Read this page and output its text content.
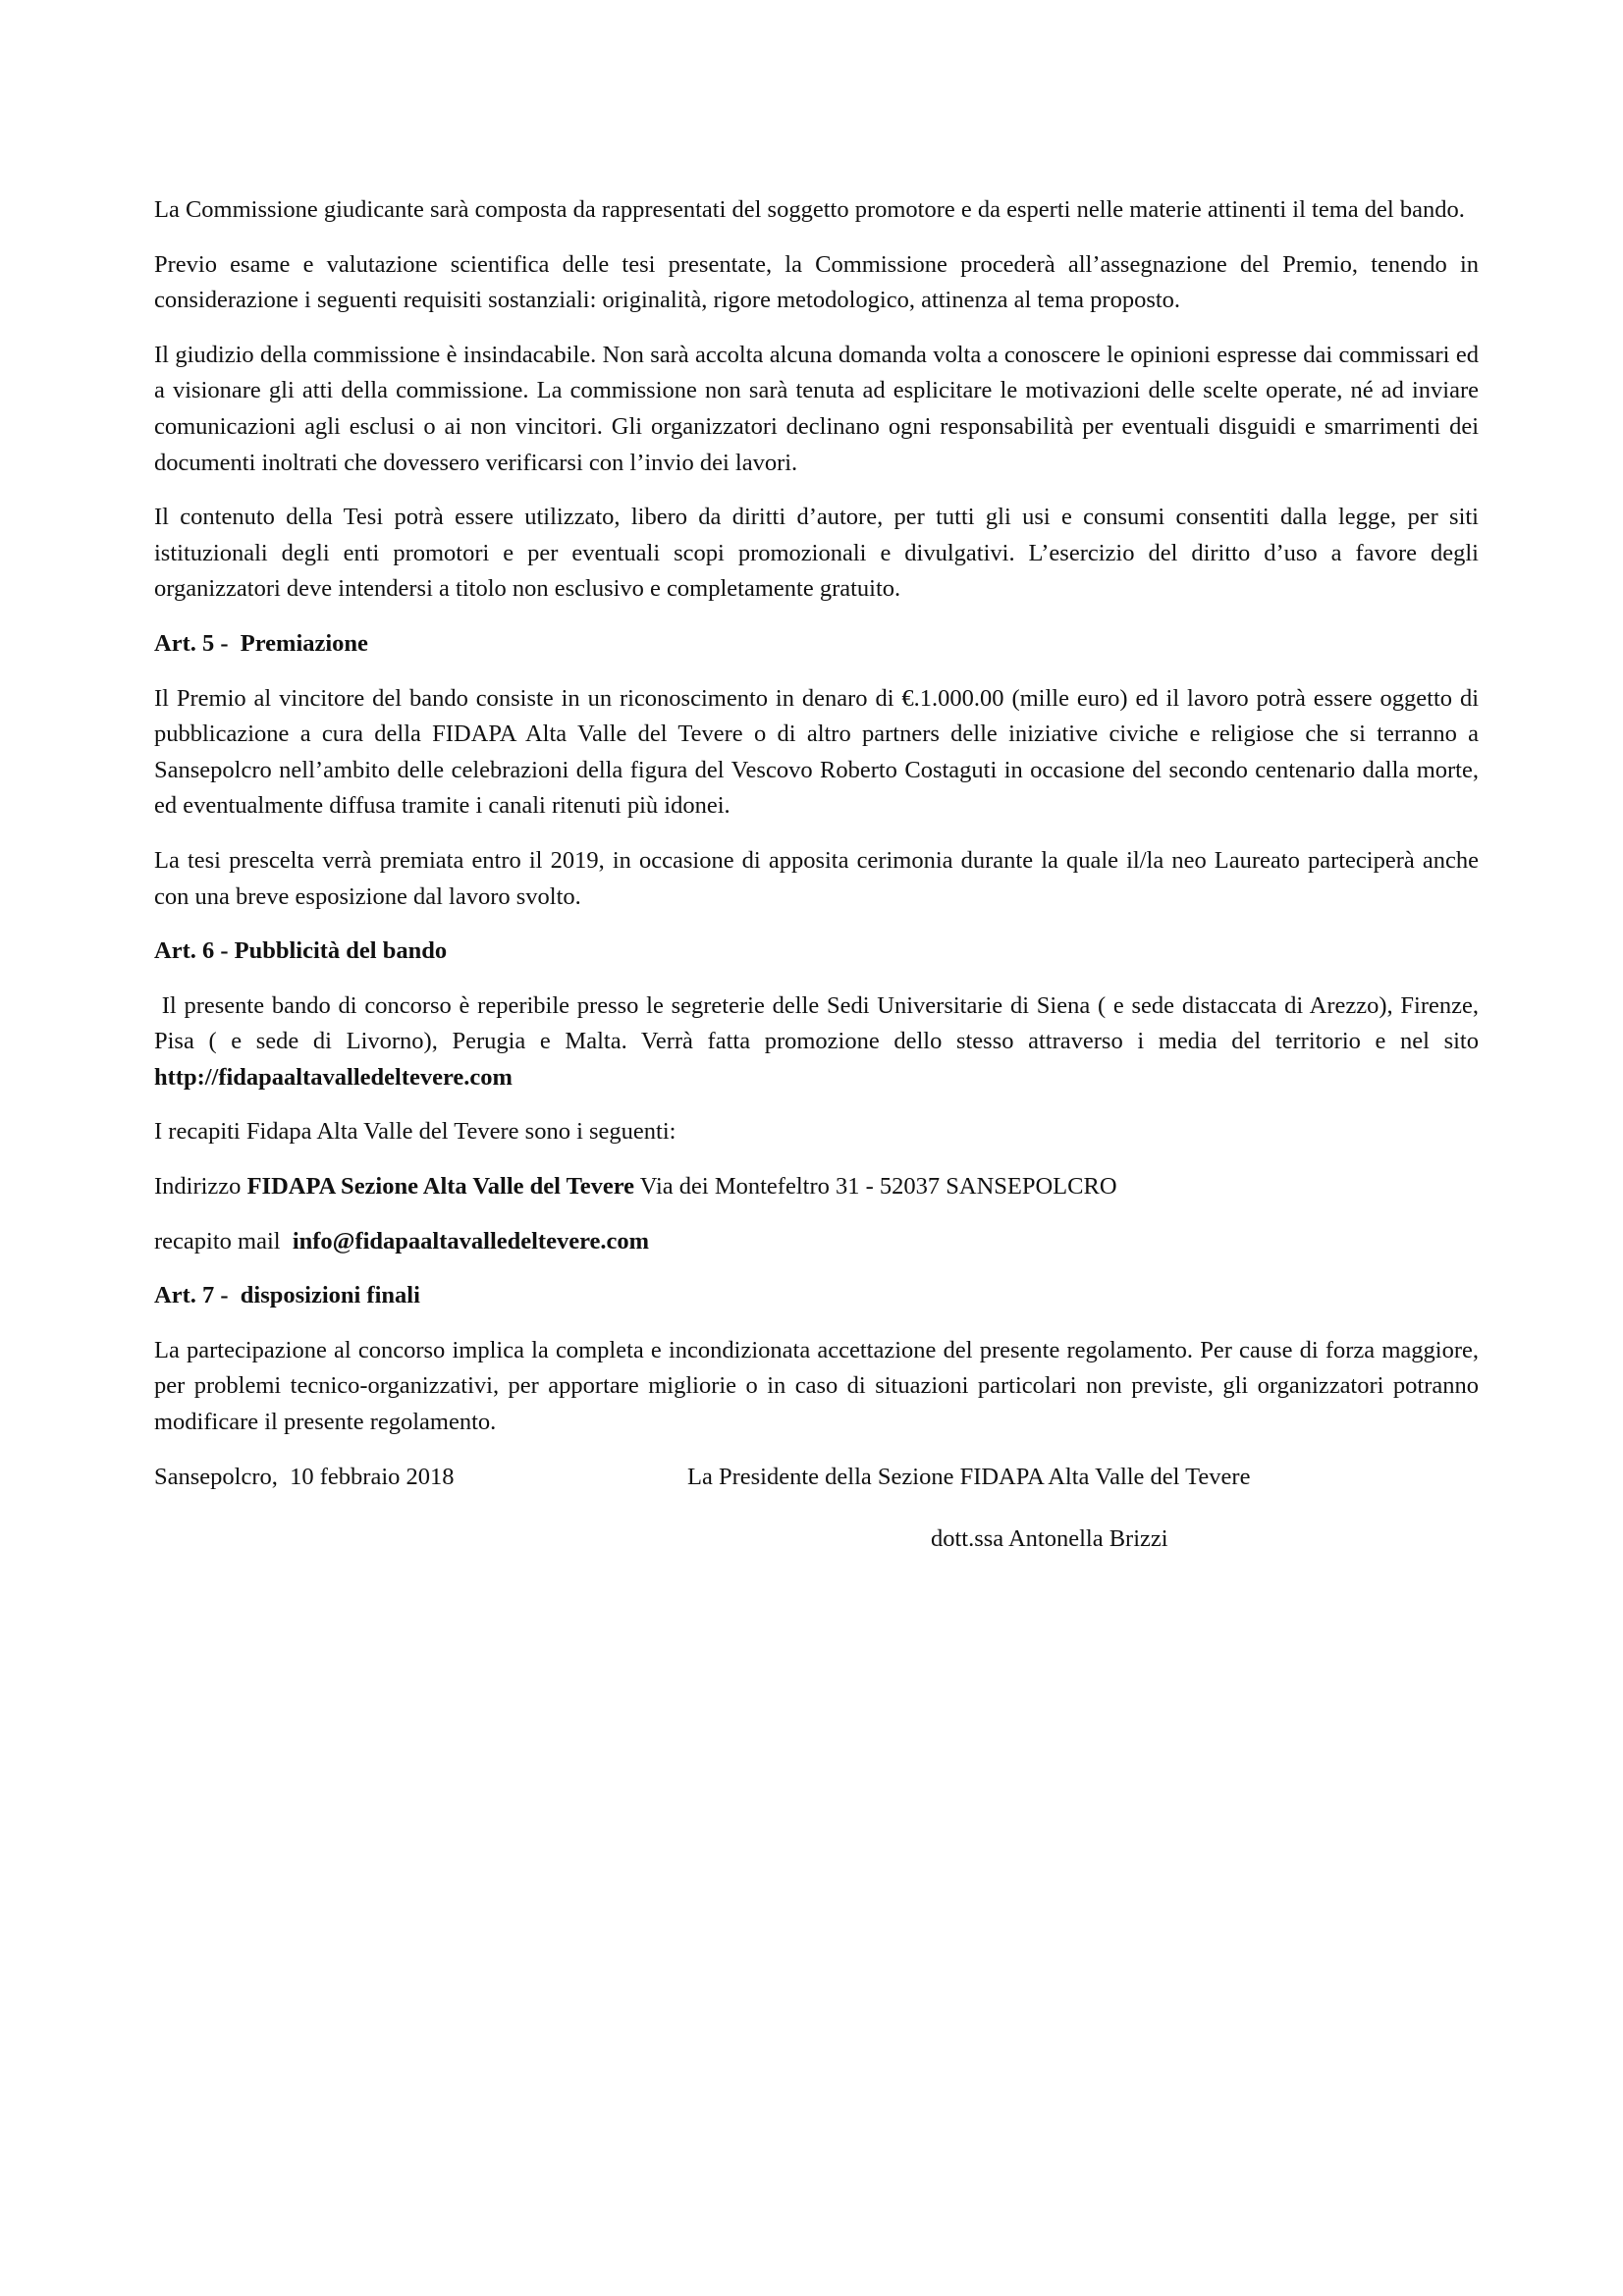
La Commissione giudicante sarà composta da rappresentati del soggetto promotore e da esperti nelle materie attinenti il tema del bando.

Previo esame e valutazione scientifica delle tesi presentate, la Commissione procederà all’assegnazione del Premio, tenendo in considerazione i seguenti requisiti sostanziali: originalità, rigore metodologico, attinenza al tema proposto.

Il giudizio della commissione è insindacabile. Non sarà accolta alcuna domanda volta a conoscere le opinioni espresse dai commissari ed a visionare gli atti della commissione. La commissione non sarà tenuta ad esplicitare le motivazioni delle scelte operate, né ad inviare comunicazioni agli esclusi o ai non vincitori. Gli organizzatori declinano ogni responsabilità per eventuali disguidi e smarrimenti dei documenti inoltrati che dovessero verificarsi con l’invio dei lavori.

Il contenuto della Tesi potrà essere utilizzato, libero da diritti d’autore, per tutti gli usi e consumi consentiti dalla legge, per siti istituzionali degli enti promotori e per eventuali scopi promozionali e divulgativi. L’esercizio del diritto d’uso a favore degli organizzatori deve intendersi a titolo non esclusivo e completamente gratuito.

Art. 5 -  Premiazione

Il Premio al vincitore del bando consiste in un riconoscimento in denaro di €.1.000.00 (mille euro) ed il lavoro potrà essere oggetto di pubblicazione a cura della FIDAPA Alta Valle del Tevere o di altro partners delle iniziative civiche e religiose che si terranno a Sansepolcro nell’ambito delle celebrazioni della figura del Vescovo Roberto Costaguti in occasione del secondo centenario dalla morte, ed eventualmente diffusa tramite i canali ritenuti più idonei.

La tesi prescelta verrà premiata entro il 2019, in occasione di apposita cerimonia durante la quale il/la neo Laureato parteciperà anche con una breve esposizione dal lavoro svolto.

Art. 6 - Pubblicità del bando

Il presente bando di concorso è reperibile presso le segreterie delle Sedi Universitarie di Siena ( e sede distaccata di Arezzo), Firenze, Pisa ( e sede di Livorno), Perugia e Malta. Verrà fatta promozione dello stesso attraverso i media del territorio e nel sito http://fidapaaltavalledeltevere.com

I recapiti Fidapa Alta Valle del Tevere sono i seguenti:

Indirizzo FIDAPA Sezione Alta Valle del Tevere Via dei Montefeltro 31 - 52037 SANSEPOLCRO

recapito mail  info@fidapaaltavalledeltevere.com

Art. 7 -  disposizioni finali

La partecipazione al concorso implica la completa e incondizionata accettazione del presente regolamento. Per cause di forza maggiore, per problemi tecnico-organizzativi, per apportare migliorie o in caso di situazioni particolari non previste, gli organizzatori potranno modificare il presente regolamento.

Sansepolcro,  10 febbraio 2018	La Presidente della Sezione FIDAPA Alta Valle del Tevere
dott.ssa Antonella Brizzi
